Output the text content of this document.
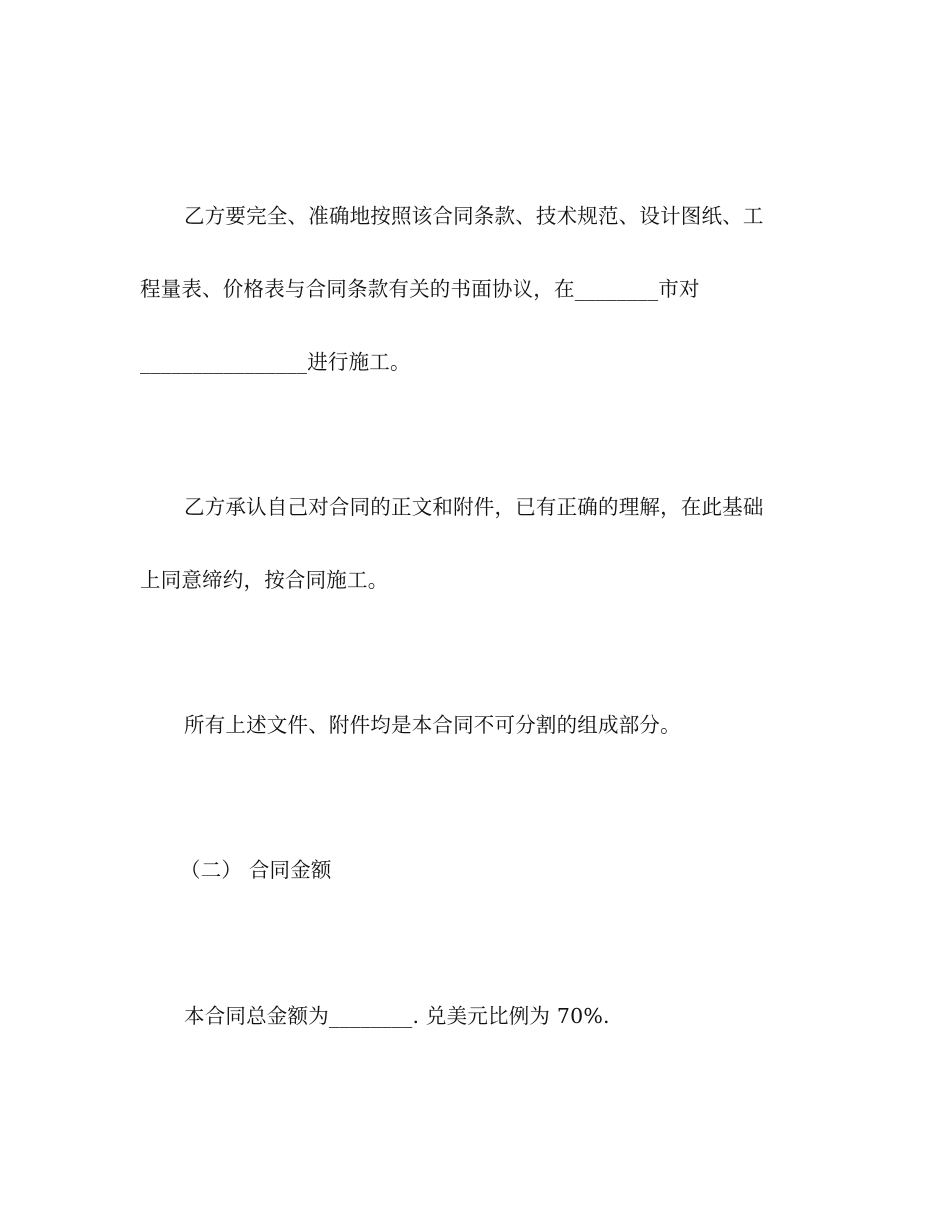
乙方要完全、准确地按照该合同条款、技术规范、设计图纸、工
程量表、价格表与合同条款有关的书面协议，在________市对
________________进行施工。
乙方承认自己对合同的正文和附件，已有正确的理解，在此基础
上同意缔约，按合同施工。
所有上述文件、附件均是本合同不可分割的组成部分。
（二） 合同金额
本合同总金额为________. 兑美元比例为 70%.
